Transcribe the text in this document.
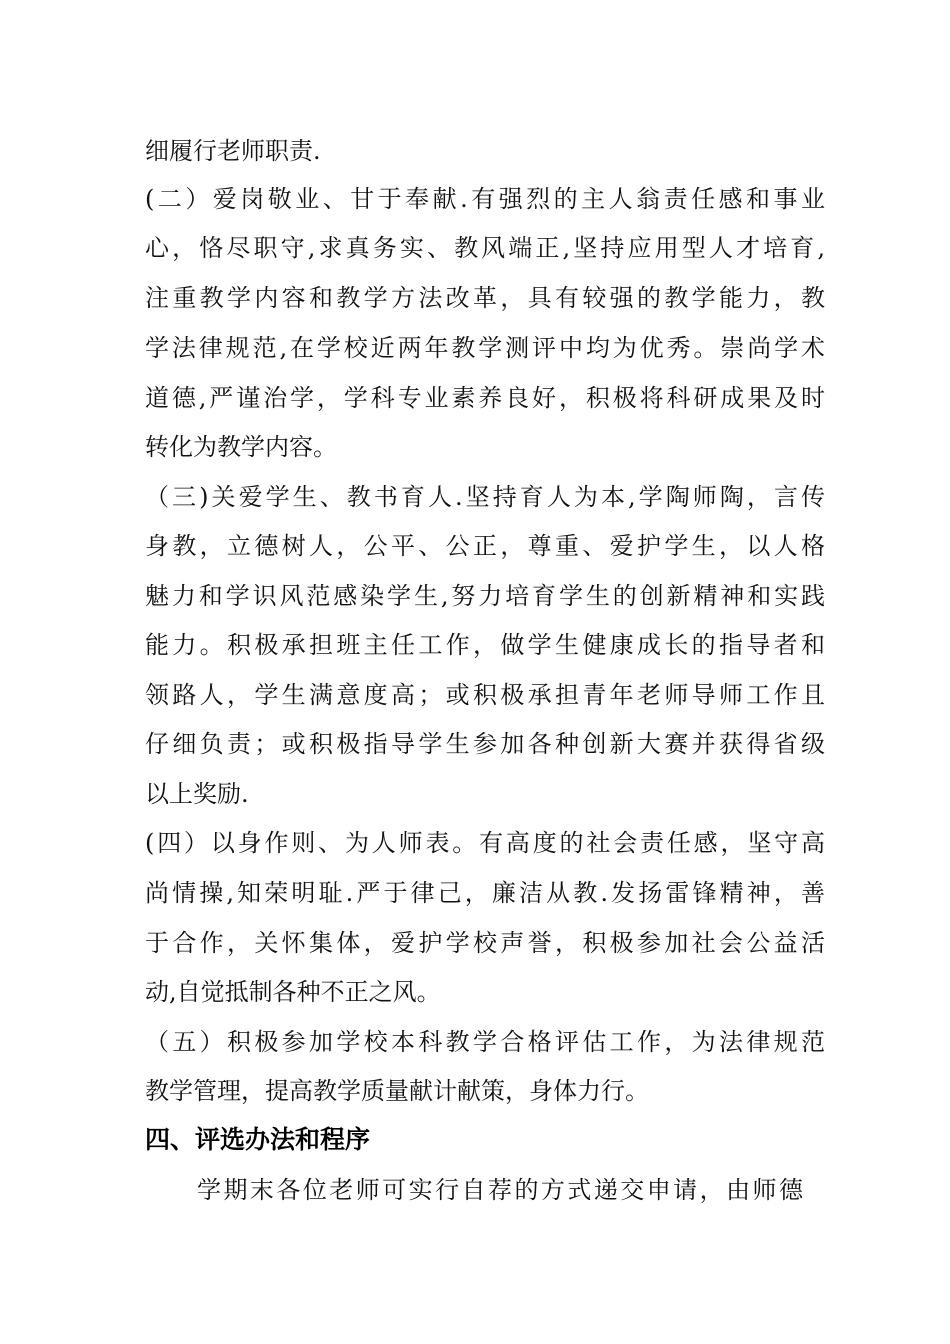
细履行老师职责.
(二）爱岗敬业、甘于奉献.有强烈的主人翁责任感和事业
心，恪尽职守,求真务实、教风端正,坚持应用型人才培育,
注重教学内容和教学方法改革，具有较强的教学能力，教
学法律规范,在学校近两年教学测评中均为优秀。崇尚学术
道德,严谨治学，学科专业素养良好，积极将科研成果及时
转化为教学内容。
（三)关爱学生、教书育人.坚持育人为本,学陶师陶，言传
身教，立德树人，公平、公正，尊重、爱护学生，以人格
魅力和学识风范感染学生,努力培育学生的创新精神和实践
能力。积极承担班主任工作，做学生健康成长的指导者和
领路人，学生满意度高；或积极承担青年老师导师工作且
仔细负责；或积极指导学生参加各种创新大赛并获得省级
以上奖励.
(四）以身作则、为人师表。有高度的社会责任感，坚守高
尚情操,知荣明耻.严于律己，廉洁从教.发扬雷锋精神，善
于合作，关怀集体，爱护学校声誉，积极参加社会公益活
动,自觉抵制各种不正之风。
（五）积极参加学校本科教学合格评估工作，为法律规范
教学管理，提高教学质量献计献策，身体力行。
四、评选办法和程序
学期末各位老师可实行自荐的方式递交申请，由师德
